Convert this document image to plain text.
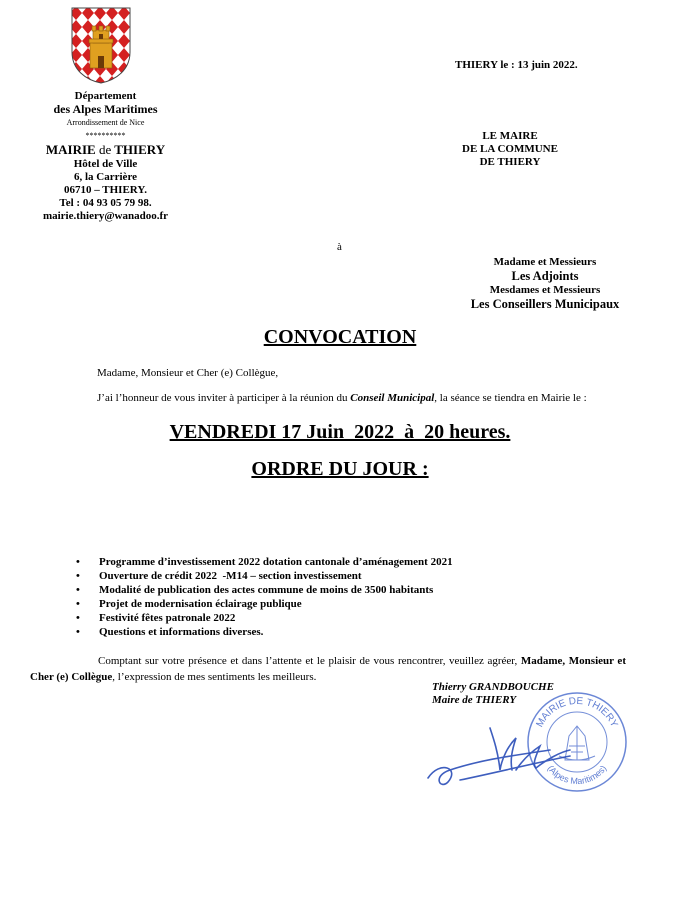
Département
des Alpes Maritimes
Arrondissement de Nice
**********
MAIRIE de THIERY
Hôtel de Ville
6, la Carrière
06710 – THIERY.
Tel : 04 93 05 79 98.
mairie.thiery@wanadoo.fr
THIERY le : 13 juin 2022.
LE MAIRE
DE LA COMMUNE
DE THIERY
à
Madame et Messieurs
Les Adjoints
Mesdames et Messieurs
Les Conseillers Municipaux
CONVOCATION
Madame, Monsieur et Cher (e) Collègue,
J’ai l’honneur de vous inviter à participer à la réunion du Conseil Municipal, la séance se tiendra en Mairie le :
VENDREDI 17 Juin  2022  à  20 heures.
ORDRE DU JOUR :
• Programme d’investissement 2022 dotation cantonale d’aménagement 2021
• Ouverture de crédit 2022  -M14 – section investissement
• Modalité de publication des actes commune de moins de 3500 habitants
• Projet de modernisation éclairage publique
• Festivité fêtes patronale 2022
• Questions et informations diverses.
Comptant sur votre présence et dans l’attente et le plaisir de vous rencontrer, veuillez agréer, Madame, Monsieur et Cher (e) Collègue, l’expression de mes sentiments les meilleurs.
Thierry GRANDBOUCHE
Maire de THIERY
MAIRIE DE THIERY
(Alpes Maritimes)
